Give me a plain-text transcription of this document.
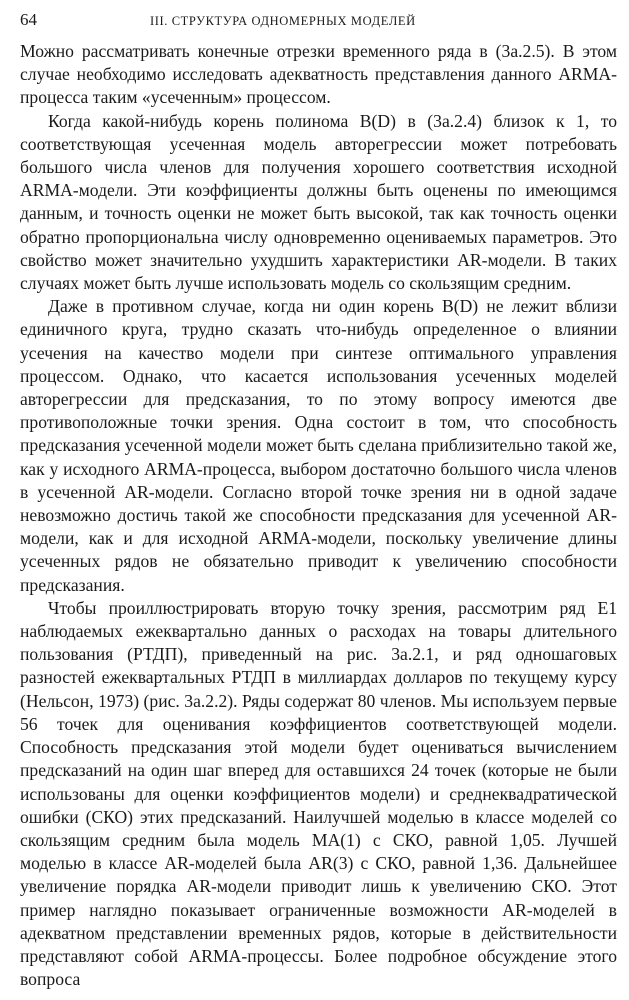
64	III. СТРУКТУРА ОДНОМЕРНЫХ МОДЕЛЕЙ

Можно рассматривать конечные отрезки временного ряда в (3а.2.5). В этом случае необходимо исследовать адекватность представления данного ARMA-процесса таким «усеченным» процессом.

Когда какой-нибудь корень полинома B(D) в (3а.2.4) близок к 1, то соответствующая усеченная модель авторегрессии может потребовать большого числа членов для получения хорошего соответствия исходной ARMA-модели. Эти коэффициенты должны быть оценены по имеющимся данным, и точность оценки не может быть высокой, так как точность оценки обратно пропорциональна числу одновременно оцениваемых параметров. Это свойство может значительно ухудшить характеристики AR-модели. В таких случаях может быть лучше использовать модель со скользящим средним.

Даже в противном случае, когда ни один корень B(D) не лежит вблизи единичного круга, трудно сказать что-нибудь определенное о влиянии усечения на качество модели при синтезе оптимального управления процессом. Однако, что касается использования усеченных моделей авторегрессии для предсказания, то по этому вопросу имеются две противоположные точки зрения. Одна состоит в том, что способность предсказания усеченной модели может быть сделана приблизительно такой же, как у исходного ARMA-процесса, выбором достаточно большого числа членов в усеченной AR-модели. Согласно второй точке зрения ни в одной задаче невозможно достичь такой же способности предсказания для усеченной AR-модели, как и для исходной ARMA-модели, поскольку увеличение длины усеченных рядов не обязательно приводит к увеличению способности предсказания.

Чтобы проиллюстрировать вторую точку зрения, рассмотрим ряд E1 наблюдаемых ежеквартально данных о расходах на товары длительного пользования (РТДП), приведенный на рис. 3а.2.1, и ряд одношаговых разностей ежеквартальных РТДП в миллиардах долларов по текущему курсу (Нельсон, 1973) (рис. 3а.2.2). Ряды содержат 80 членов. Мы используем первые 56 точек для оценивания коэффициентов соответствующей модели. Способность предсказания этой модели будет оцениваться вычислением предсказаний на один шаг вперед для оставшихся 24 точек (которые не были использованы для оценки коэффициентов модели) и среднеквадратической ошибки (СКО) этих предсказаний. Наилучшей моделью в классе моделей со скользящим средним была модель MA(1) с СКО, равной 1,05. Лучшей моделью в классе AR-моделей была AR(3) с СКО, равной 1,36. Дальнейшее увеличение порядка AR-модели приводит лишь к увеличению СКО. Этот пример наглядно показывает ограниченные возможности AR-моделей в адекватном представлении временных рядов, которые в действительности представляют собой ARMA-процессы. Более подробное обсуждение этого вопроса
